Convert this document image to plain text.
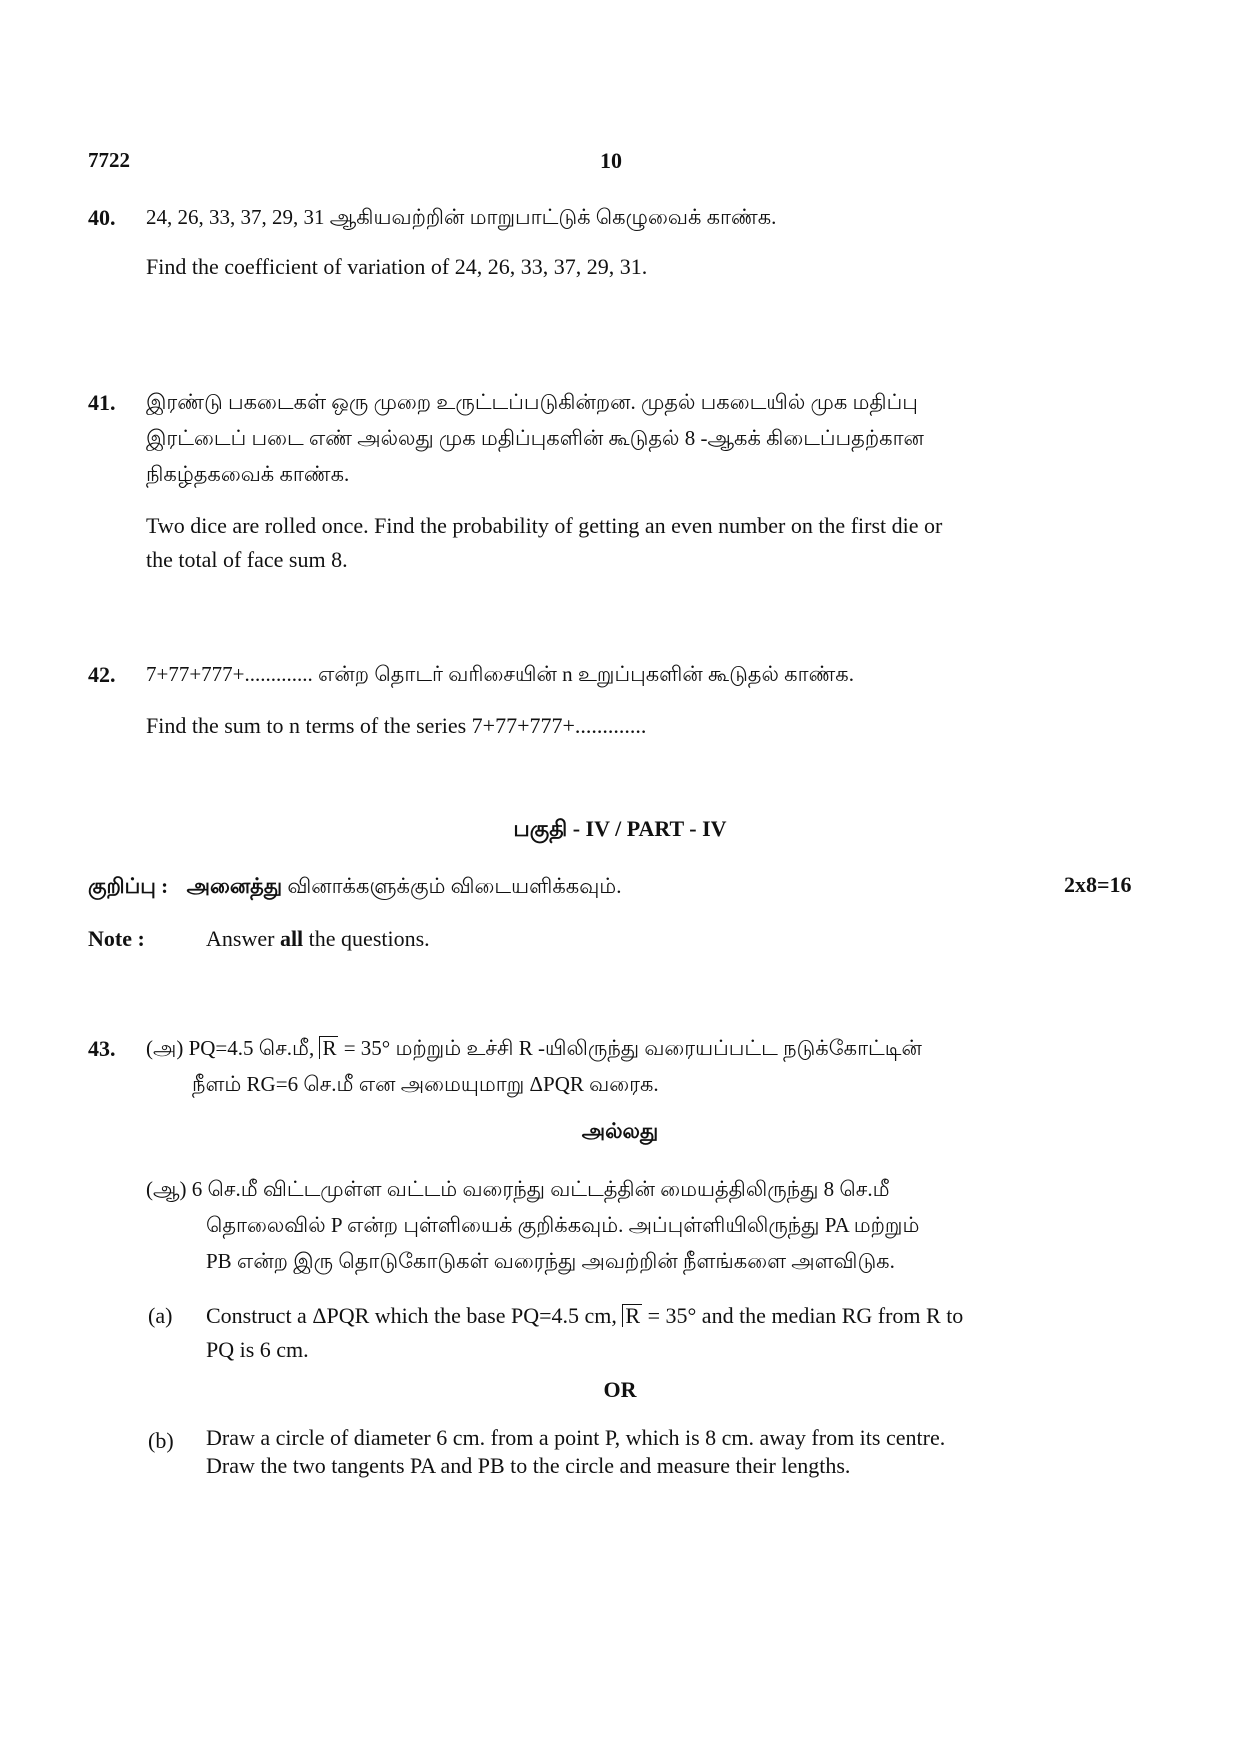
7722	10
40. 24, 26, 33, 37, 29, 31 ஆகியவற்றின் மாறுபாட்டுக் கெழுவைக் காண்க.
Find the coefficient of variation of 24, 26, 33, 37, 29, 31.
41. இரண்டு பகடைகள் ஒரு முறை உருட்டப்படுகின்றன. முதல் பகடையில் முக மதிப்பு
இரட்டைப் படை எண் அல்லது முக மதிப்புகளின் கூடுதல் 8 -ஆகக் கிடைப்பதற்கான
நிகழ்தகவைக் காண்க.
Two dice are rolled once. Find the probability of getting an even number on the first die or
the total of face sum 8.
42. 7+77+777+............. என்ற தொடர் வரிசையின் n உறுப்புகளின் கூடுதல் காண்க.
Find the sum to n terms of the series 7+77+777+.............
பகுதி - IV / PART - IV
குறிப்பு : அனைத்து வினாக்களுக்கும் விடையளிக்கவும்.	2x8=16
Note :	Answer all the questions.
43. (அ) PQ=4.5 செ.மீ, R = 35° மற்றும் உச்சி R -யிலிருந்து வரையப்பட்ட நடுக்கோட்டின்
நீளம் RG=6 செ.மீ என அமையுமாறு ΔPQR வரைக.
அல்லது
(ஆ) 6 செ.மீ விட்டமுள்ள வட்டம் வரைந்து வட்டத்தின் மையத்திலிருந்து 8 செ.மீ
தொலைவில் P என்ற புள்ளியைக் குறிக்கவும். அப்புள்ளியிலிருந்து PA மற்றும்
PB என்ற இரு தொடுகோடுகள் வரைந்து அவற்றின் நீளங்களை அளவிடுக.
(a) Construct a ΔPQR which the base PQ=4.5 cm, R = 35° and the median RG from R to
PQ is 6 cm.
OR
(b) Draw a circle of diameter 6 cm. from a point P, which is 8 cm. away from its centre.
Draw the two tangents PA and PB to the circle and measure their lengths.
